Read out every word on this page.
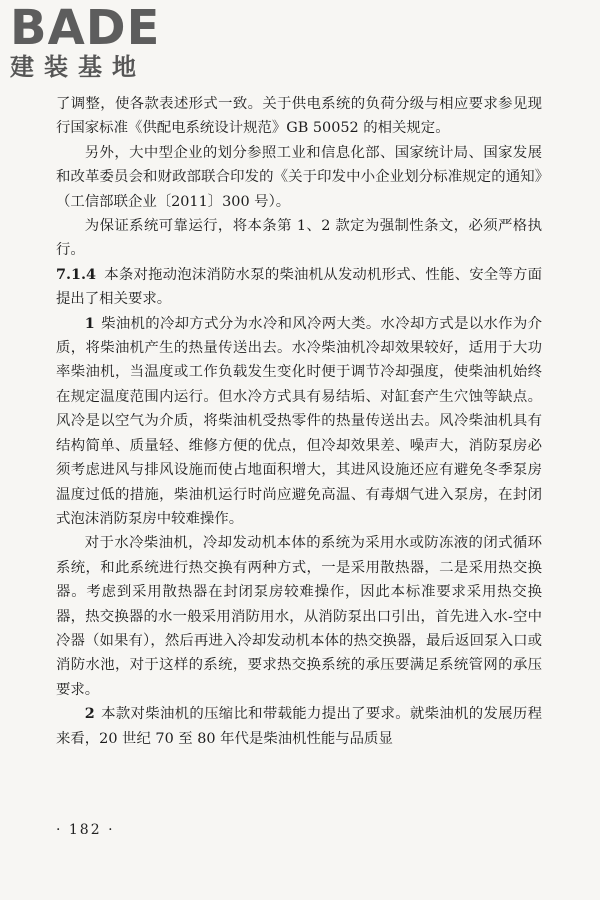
BADE
建装基地

了调整，使各款表述形式一致。关于供电系统的负荷分级与相应要求参见现行国家标准《供配电系统设计规范》GB 50052 的相关规定。

另外，大中型企业的划分参照工业和信息化部、国家统计局、国家发展和改革委员会和财政部联合印发的《关于印发中小企业划分标准规定的通知》（工信部联企业〔2011〕300 号）。

为保证系统可靠运行，将本条第 1、2 款定为强制性条文，必须严格执行。

7.1.4 本条对拖动泡沫消防水泵的柴油机从发动机形式、性能、安全等方面提出了相关要求。

1 柴油机的冷却方式分为水冷和风冷两大类。水冷却方式是以水作为介质，将柴油机产生的热量传送出去。水冷柴油机冷却效果较好，适用于大功率柴油机，当温度或工作负载发生变化时便于调节冷却强度，使柴油机始终在规定温度范围内运行。但水冷方式具有易结垢、对缸套产生穴蚀等缺点。风冷是以空气为介质，将柴油机受热零件的热量传送出去。风冷柴油机具有结构简单、质量轻、维修方便的优点，但冷却效果差、噪声大，消防泵房必须考虑进风与排风设施而使占地面积增大，其进风设施还应有避免冬季泵房温度过低的措施，柴油机运行时尚应避免高温、有毒烟气进入泵房，在封闭式泡沫消防泵房中较难操作。

对于水冷柴油机，冷却发动机本体的系统为采用水或防冻液的闭式循环系统，和此系统进行热交换有两种方式，一是采用散热器，二是采用热交换器。考虑到采用散热器在封闭泵房较难操作，因此本标准要求采用热交换器，热交换器的水一般采用消防用水，从消防泵出口引出，首先进入水-空中冷器（如果有），然后再进入冷却发动机本体的热交换器，最后返回泵入口或消防水池，对于这样的系统，要求热交换系统的承压要满足系统管网的承压要求。

2 本款对柴油机的压缩比和带载能力提出了要求。就柴油机的发展历程来看，20 世纪 70 至 80 年代是柴油机性能与品质显

· 182 ·
